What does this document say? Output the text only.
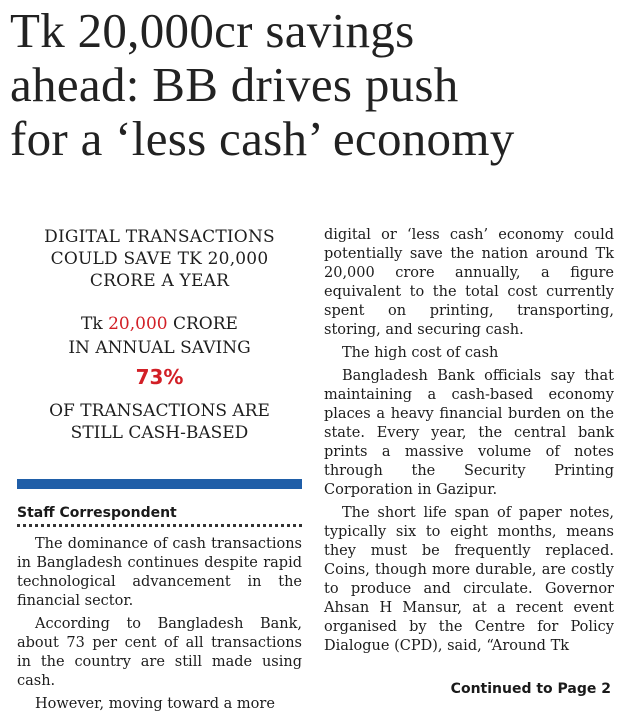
Tk 20,000cr savings
ahead: BB drives push
for a ‘less cash’ economy
DIGITAL TRANSACTIONS
COULD SAVE TK 20,000
CRORE A YEAR
Tk 20,000 CRORE
IN ANNUAL SAVING
73%
OF TRANSACTIONS ARE
STILL CASH-BASED
Staff Correspondent

The dominance of cash transactions in Bangladesh continues despite rapid technological advancement in the financial sector.

According to Bangladesh Bank, about 73 per cent of all transactions in the country are still made using cash.

However, moving toward a more

digital or ‘less cash’ economy could potentially save the nation around Tk 20,000 crore annually, a figure equivalent to the total cost currently spent on printing, transporting, storing, and securing cash.

The high cost of cash

Bangladesh Bank officials say that maintaining a cash-based economy places a heavy financial burden on the state. Every year, the central bank prints a massive volume of notes through the Security Printing Corporation in Gazipur.

The short life span of paper notes, typically six to eight months, means they must be frequently replaced. Coins, though more durable, are costly to produce and circulate. Governor Ahsan H Mansur, at a recent event organised by the Centre for Policy Dialogue (CPD), said, “Around Tk

Continued to Page 2
